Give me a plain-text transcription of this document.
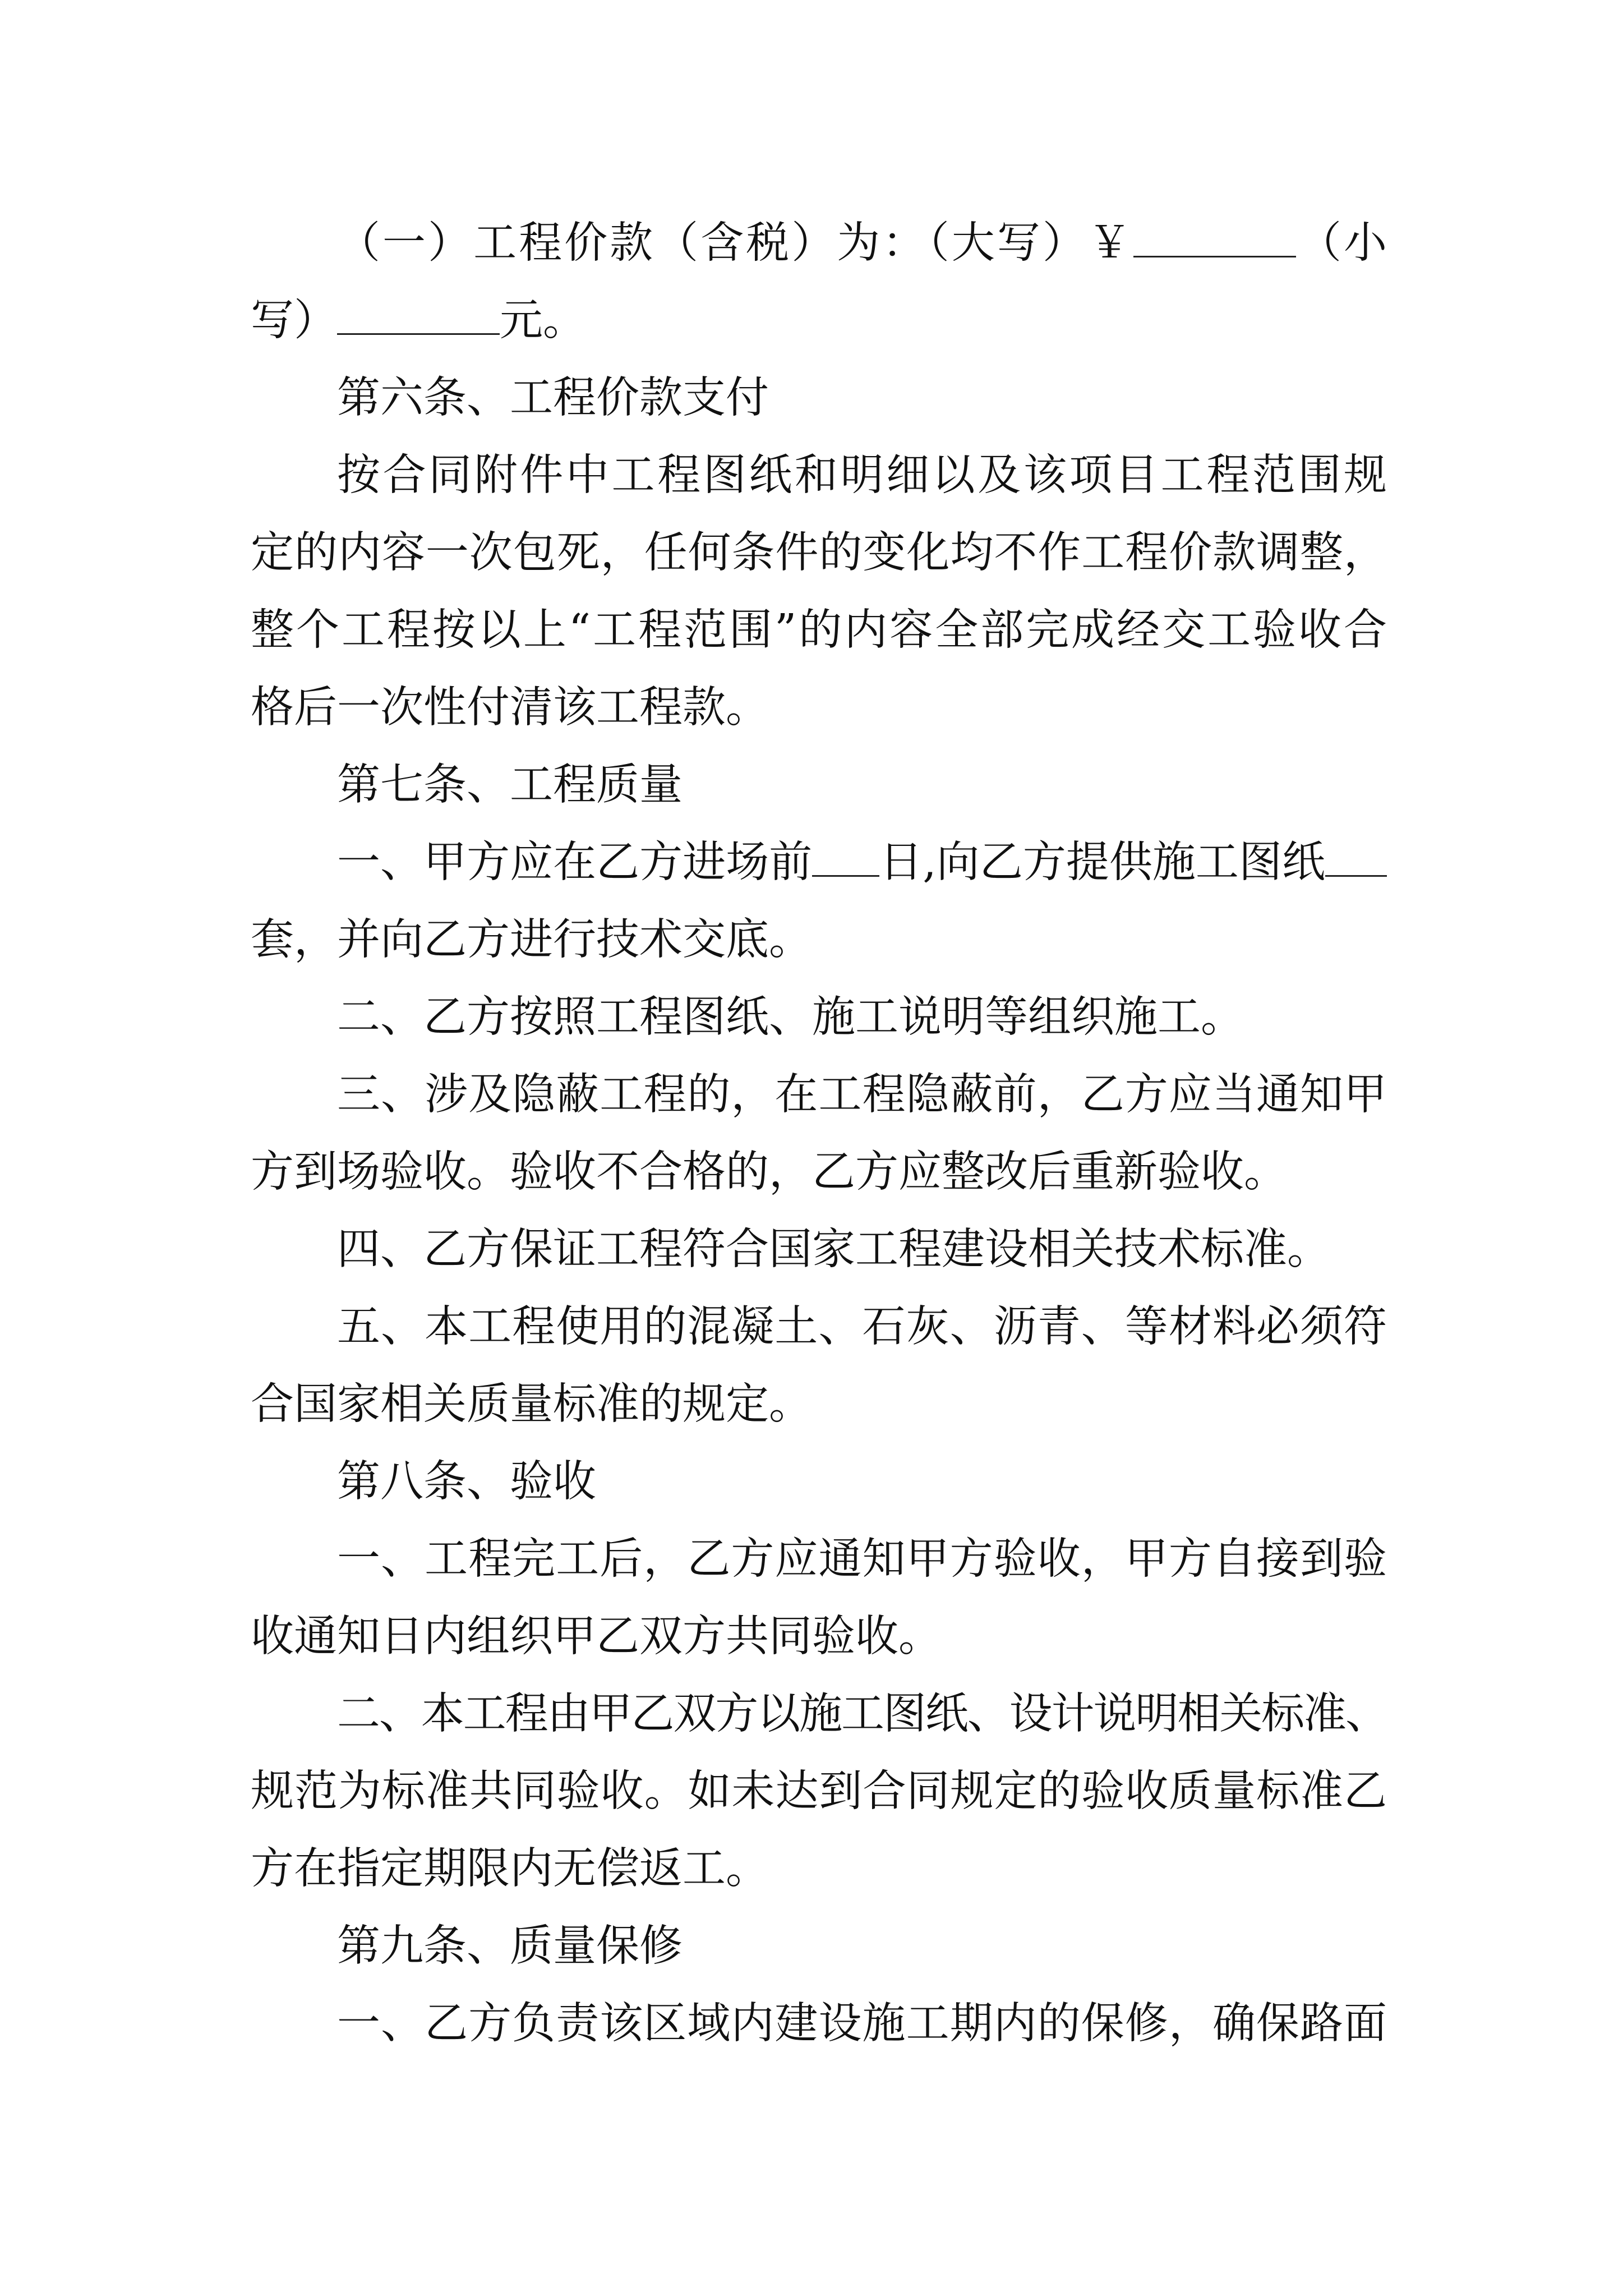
（一）工程价款（含税）为：（大写）￥	（小
写）	元。
第六条、工程价款支付
按合同附件中工程图纸和明细以及该项目工程范围规
定的内容一次包死，任何条件的变化均不作工程价款调整，
整个工程按以上“工程范围”的内容全部完成经交工验收合
格后一次性付清该工程款。
第七条、工程质量
一、甲方应在乙方进场前 日,向乙方提供施工图纸
套，并向乙方进行技术交底。
二、乙方按照工程图纸、施工说明等组织施工。
三、涉及隐蔽工程的，在工程隐蔽前，乙方应当通知甲
方到场验收。验收不合格的，乙方应整改后重新验收。
四、乙方保证工程符合国家工程建设相关技术标准。
五、本工程使用的混凝土、石灰、沥青、等材料必须符
合国家相关质量标准的规定。
第八条、验收
一、工程完工后，乙方应通知甲方验收，甲方自接到验
收通知日内组织甲乙双方共同验收。
二、本工程由甲乙双方以施工图纸、设计说明相关标准、
规范为标准共同验收。如未达到合同规定的验收质量标准乙
方在指定期限内无偿返工。
第九条、质量保修
一、乙方负责该区域内建设施工期内的保修，确保路面
